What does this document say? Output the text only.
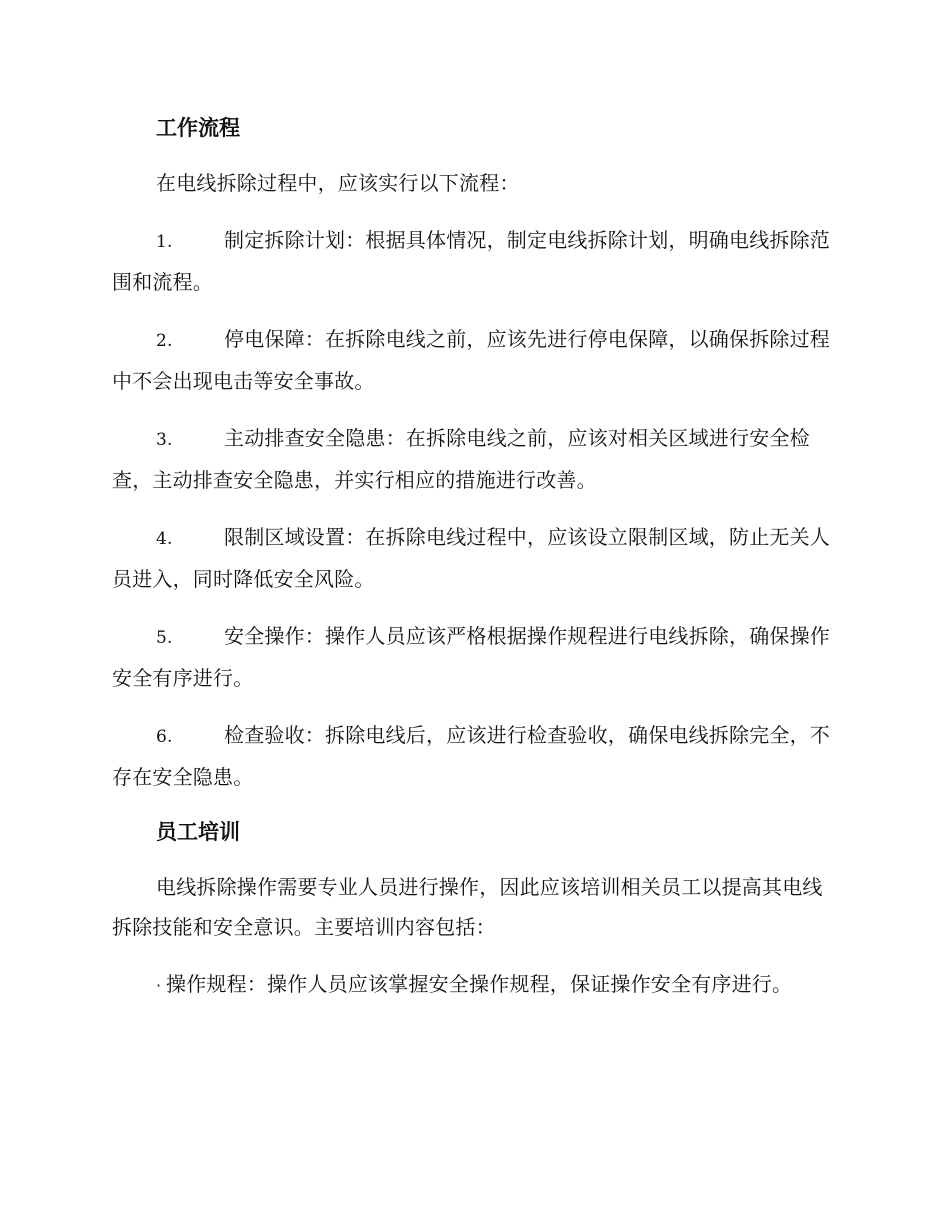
工作流程

在电线拆除过程中，应该实行以下流程：

1.	制定拆除计划：根据具体情况，制定电线拆除计划，明确电线拆除范围和流程。

2.	停电保障：在拆除电线之前，应该先进行停电保障，以确保拆除过程中不会出现电击等安全事故。

3.	主动排查安全隐患：在拆除电线之前，应该对相关区域进行安全检查，主动排查安全隐患，并实行相应的措施进行改善。

4.	限制区域设置：在拆除电线过程中，应该设立限制区域，防止无关人员进入，同时降低安全风险。

5.	安全操作：操作人员应该严格根据操作规程进行电线拆除，确保操作安全有序进行。

6.	检查验收：拆除电线后，应该进行检查验收，确保电线拆除完全，不存在安全隐患。

员工培训

电线拆除操作需要专业人员进行操作，因此应该培训相关员工以提高其电线拆除技能和安全意识。主要培训内容包括：

· 操作规程：操作人员应该掌握安全操作规程，保证操作安全有序进行。
